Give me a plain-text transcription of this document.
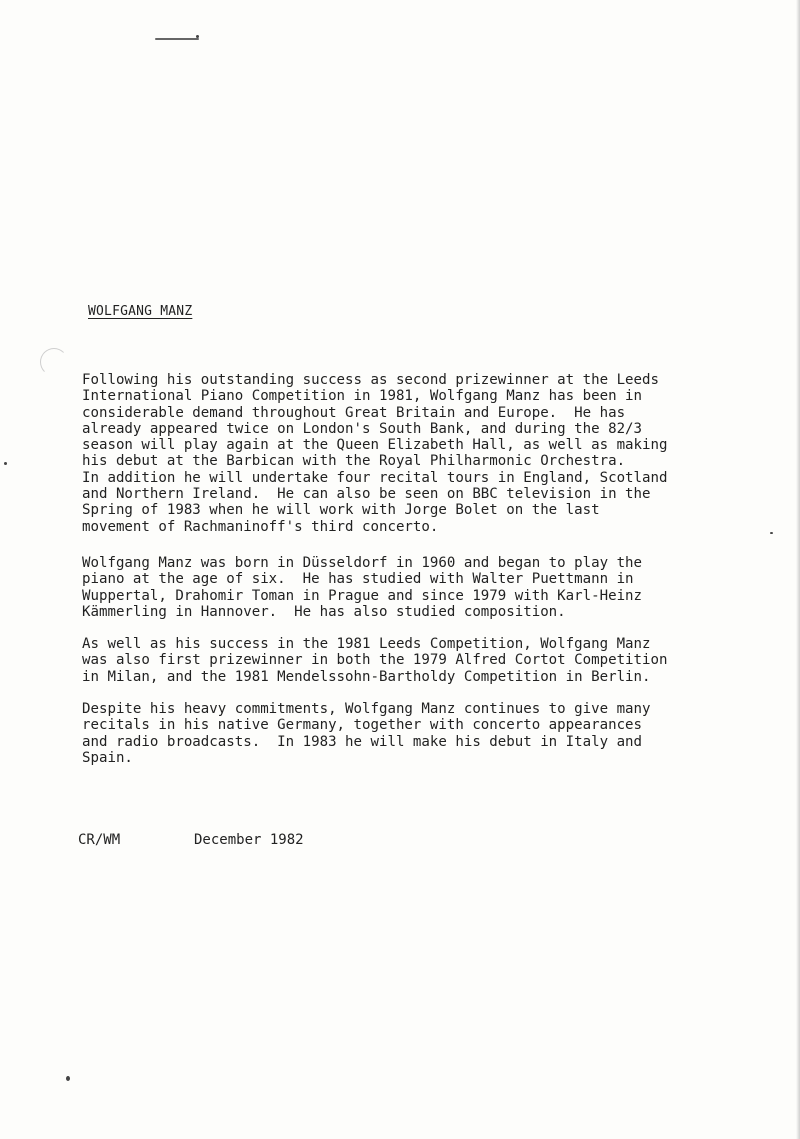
WOLFGANG MANZ

Following his outstanding success as second prizewinner at the Leeds
International Piano Competition in 1981, Wolfgang Manz has been in
considerable demand throughout Great Britain and Europe.  He has
already appeared twice on London's South Bank, and during the 82/3
season will play again at the Queen Elizabeth Hall, as well as making
his debut at the Barbican with the Royal Philharmonic Orchestra.
In addition he will undertake four recital tours in England, Scotland
and Northern Ireland.  He can also be seen on BBC television in the
Spring of 1983 when he will work with Jorge Bolet on the last
movement of Rachmaninoff's third concerto.

Wolfgang Manz was born in Düsseldorf in 1960 and began to play the
piano at the age of six.  He has studied with Walter Puettmann in
Wuppertal, Drahomir Toman in Prague and since 1979 with Karl-Heinz
Kämmerling in Hannover.  He has also studied composition.

As well as his success in the 1981 Leeds Competition, Wolfgang Manz
was also first prizewinner in both the 1979 Alfred Cortot Competition
in Milan, and the 1981 Mendelssohn-Bartholdy Competition in Berlin.

Despite his heavy commitments, Wolfgang Manz continues to give many
recitals in his native Germany, together with concerto appearances
and radio broadcasts.  In 1983 he will make his debut in Italy and
Spain.

CR/WM	December 1982
